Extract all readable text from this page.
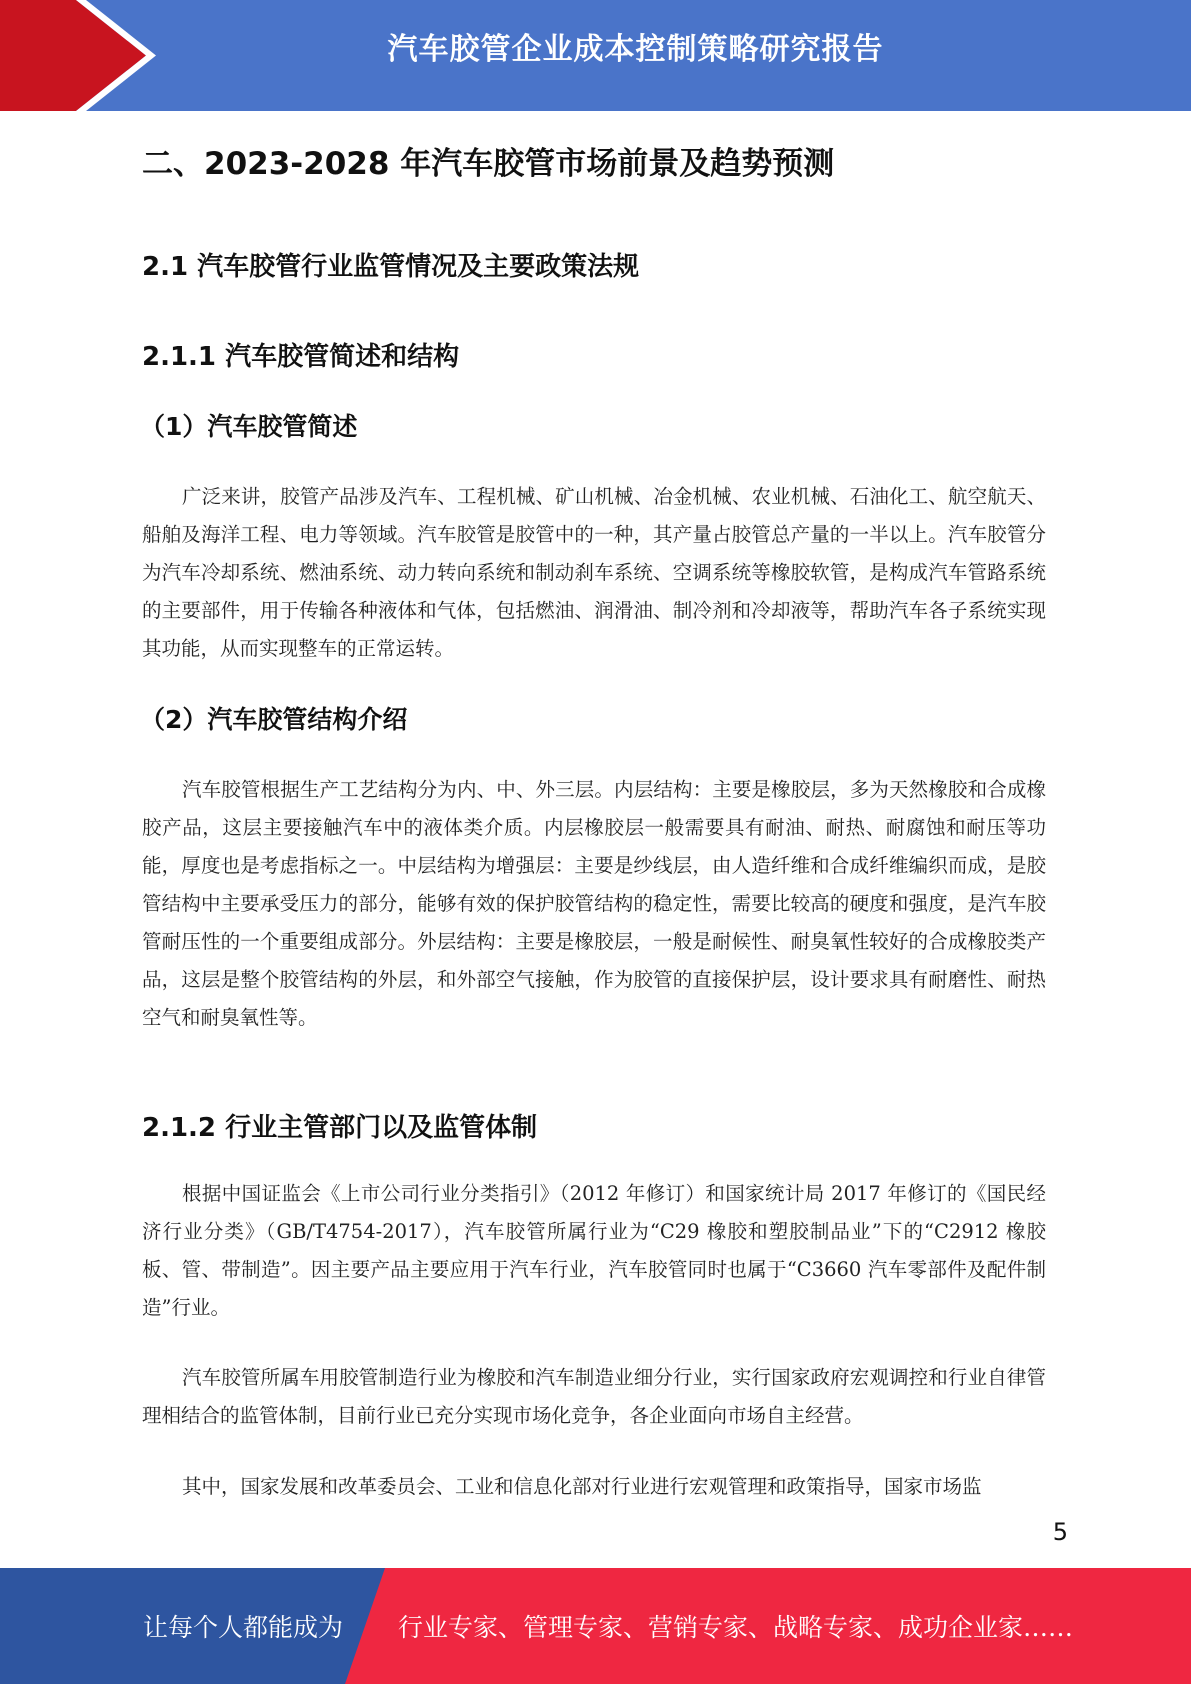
汽车胶管企业成本控制策略研究报告
二、2023-2028 年汽车胶管市场前景及趋势预测
2.1 汽车胶管行业监管情况及主要政策法规
2.1.1 汽车胶管简述和结构
（1）汽车胶管简述

广泛来讲，胶管产品涉及汽车、工程机械、矿山机械、冶金机械、农业机械、石油化工、航空航天、船舶及海洋工程、电力等领域。汽车胶管是胶管中的一种，其产量占胶管总产量的一半以上。汽车胶管分为汽车冷却系统、燃油系统、动力转向系统和制动刹车系统、空调系统等橡胶软管，是构成汽车管路系统的主要部件，用于传输各种液体和气体，包括燃油、润滑油、制冷剂和冷却液等，帮助汽车各子系统实现其功能，从而实现整车的正常运转。

（2）汽车胶管结构介绍

汽车胶管根据生产工艺结构分为内、中、外三层。内层结构：主要是橡胶层，多为天然橡胶和合成橡胶产品，这层主要接触汽车中的液体类介质。内层橡胶层一般需要具有耐油、耐热、耐腐蚀和耐压等功能，厚度也是考虑指标之一。中层结构为增强层：主要是纱线层，由人造纤维和合成纤维编织而成，是胶管结构中主要承受压力的部分，能够有效的保护胶管结构的稳定性，需要比较高的硬度和强度，是汽车胶管耐压性的一个重要组成部分。外层结构：主要是橡胶层，一般是耐候性、耐臭氧性较好的合成橡胶类产品，这层是整个胶管结构的外层，和外部空气接触，作为胶管的直接保护层，设计要求具有耐磨性、耐热空气和耐臭氧性等。

2.1.2 行业主管部门以及监管体制

根据中国证监会《上市公司行业分类指引》（2012 年修订）和国家统计局 2017 年修订的《国民经济行业分类》（GB/T4754-2017），汽车胶管所属行业为“C29 橡胶和塑胶制品业”下的“C2912 橡胶板、管、带制造”。因主要产品主要应用于汽车行业，汽车胶管同时也属于“C3660 汽车零部件及配件制造”行业。

汽车胶管所属车用胶管制造行业为橡胶和汽车制造业细分行业，实行国家政府宏观调控和行业自律管理相结合的监管体制，目前行业已充分实现市场化竞争，各企业面向市场自主经营。

其中，国家发展和改革委员会、工业和信息化部对行业进行宏观管理和政策指导，国家市场监

5
让每个人都能成为 行业专家、管理专家、营销专家、战略专家、成功企业家……
